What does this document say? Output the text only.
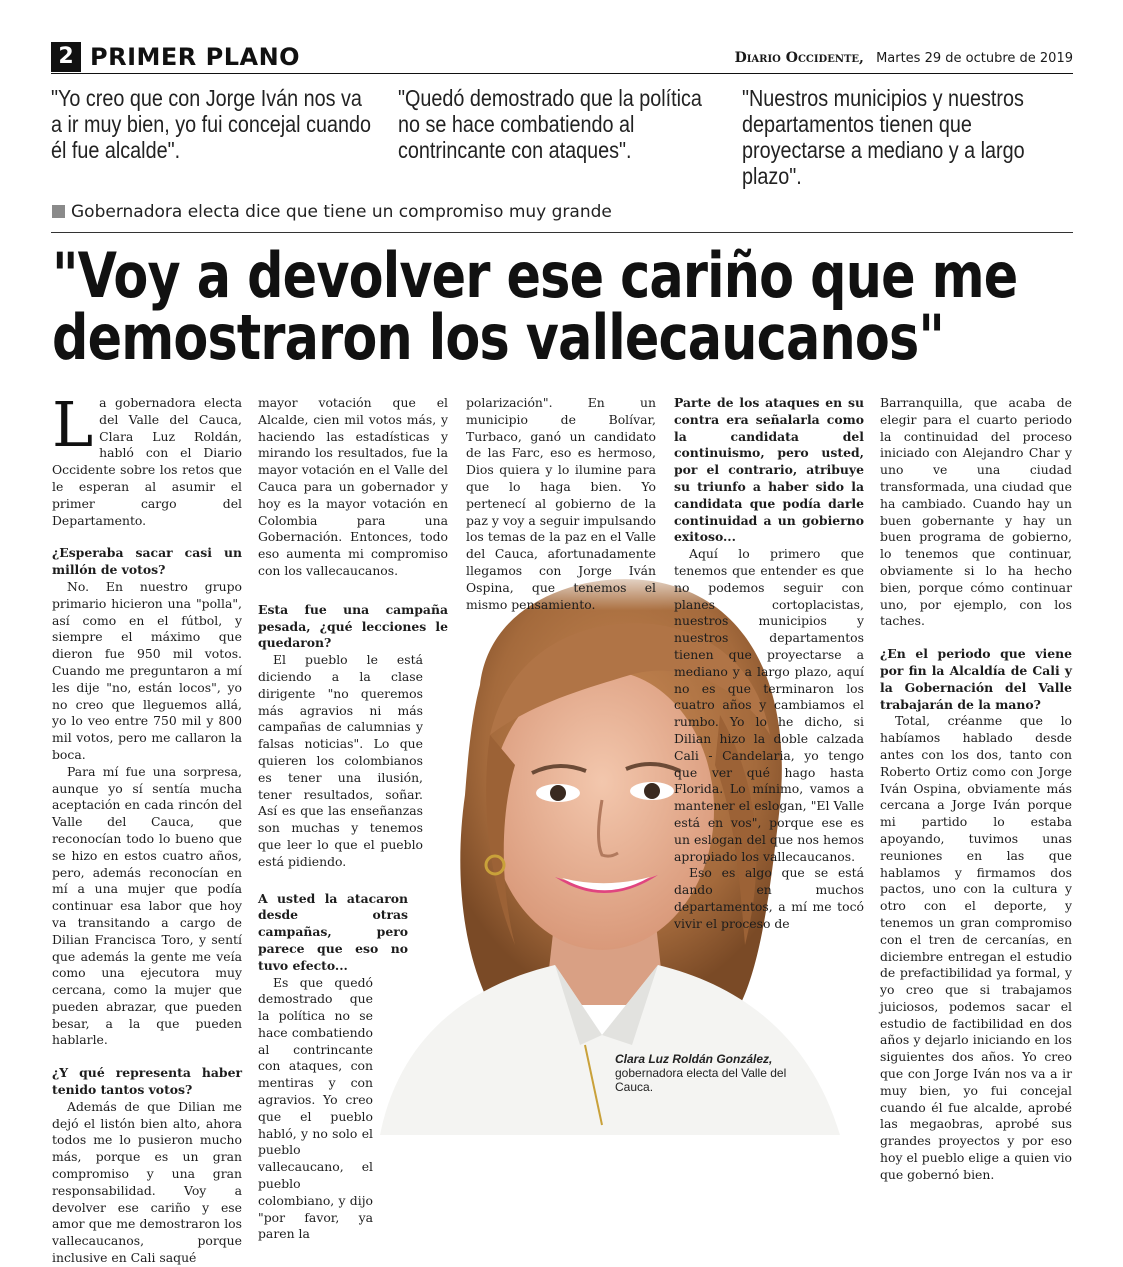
2 PRIMER PLANO	Diario Occidente, Martes 29 de octubre de 2019
"Yo creo que con Jorge Iván nos va a ir muy bien, yo fui concejal cuando él fue alcalde".
"Quedó demostrado que la política no se hace combatiendo al contrincante con ataques".
"Nuestros municipios y nuestros departamentos tienen que proyectarse a mediano y a largo plazo".
Gobernadora electa dice que tiene un compromiso muy grande
"Voy a devolver ese cariño que me
demostraron los vallecaucanos"

La gobernadora electa del Valle del Cauca, Clara Luz Roldán, habló con el Diario Occidente sobre los retos que le esperan al asumir el primer cargo del Departamento.

¿Esperaba sacar casi un millón de votos?

No. En nuestro grupo primario hicieron una "polla", así como en el fútbol, y siempre el máximo que dieron fue 950 mil votos. Cuando me preguntaron a mí les dije "no, están locos", yo no creo que lleguemos allá, yo lo veo entre 750 mil y 800 mil votos, pero me callaron la boca.

Para mí fue una sorpresa, aunque yo sí sentía mucha aceptación en cada rincón del Valle del Cauca, que reconocían todo lo bueno que se hizo en estos cuatro años, pero, además reconocían en mí a una mujer que podía continuar esa labor que hoy va transitando a cargo de Dilian Francisca Toro, y sentí que además la gente me veía como una ejecutora muy cercana, como la mujer que pueden abrazar, que pueden besar, a la que pueden hablarle.

¿Y qué representa haber tenido tantos votos?

Además de que Dilian me dejó el listón bien alto, ahora todos me lo pusieron mucho más, porque es un gran compromiso y una gran responsabilidad. Voy a devolver ese cariño y ese amor que me demostraron los vallecaucanos, porque inclusive en Cali saqué

mayor votación que el Alcalde, cien mil votos más, y haciendo las estadísticas y mirando los resultados, fue la mayor votación en el Valle del Cauca para un gobernador y hoy es la mayor votación en Colombia para una Gobernación. Entonces, todo eso aumenta mi compromiso con los vallecaucanos.

Esta fue una campaña pesada, ¿qué lecciones le quedaron?

El pueblo le está diciendo a la clase dirigente "no queremos más agravios ni más campañas de calumnias y falsas noticias". Lo que quieren los colombianos es tener una ilusión, tener resultados, soñar. Así es que las enseñanzas son muchas y tenemos que leer lo que el pueblo está pidiendo.

A usted la atacaron desde otras campañas, pero parece que eso no tuvo efecto...

Es que quedó demostrado que la política no se hace combatiendo al contrincante con ataques, con mentiras y con agravios. Yo creo que el pueblo habló, y no solo el pueblo vallecaucano, el pueblo colombiano, y dijo "por favor, ya paren la

polarización". En un municipio de Bolívar, Turbaco, ganó un candidato de las Farc, eso es hermoso, Dios quiera y lo ilumine para que lo haga bien. Yo pertenecí al gobierno de la paz y voy a seguir impulsando los temas de la paz en el Valle del Cauca, afortunadamente llegamos con Jorge Iván Ospina, que tenemos el mismo pensamiento.

Parte de los ataques en su contra era señalarla como la candidata del continuismo, pero usted, por el contrario, atribuye su triunfo a haber sido la candidata que podía darle continuidad a un gobierno exitoso...

Aquí lo primero que tenemos que entender es que no podemos seguir con planes cortoplacistas, nuestros municipios y nuestros departamentos tienen que proyectarse a mediano y a largo plazo, aquí no es que terminaron los cuatro años y cambiamos el rumbo. Yo lo he dicho, si Dilian hizo la doble calzada Cali - Candelaria, yo tengo que ver qué hago hasta Florida. Lo mínimo, vamos a mantener el eslogan, "El Valle está en vos", porque ese es un eslogan del que nos hemos apropiado los vallecaucanos.

Eso es algo que se está dando en muchos departamentos, a mí me tocó vivir el proceso de

Barranquilla, que acaba de elegir para el cuarto periodo la continuidad del proceso iniciado con Alejandro Char y uno ve una ciudad transformada, una ciudad que ha cambiado. Cuando hay un buen gobernante y hay un buen programa de gobierno, lo tenemos que continuar, obviamente si lo ha hecho bien, porque cómo continuar uno, por ejemplo, con los taches.

¿En el periodo que viene por fin la Alcaldía de Cali y la Gobernación del Valle trabajarán de la mano?

Total, créanme que lo habíamos hablado desde antes con los dos, tanto con Roberto Ortiz como con Jorge Iván Ospina, obviamente más cercana a Jorge Iván porque mi partido lo estaba apoyando, tuvimos unas reuniones en las que hablamos y firmamos dos pactos, uno con la cultura y otro con el deporte, y tenemos un gran compromiso con el tren de cercanías, en diciembre entregan el estudio de prefactibilidad ya formal, y yo creo que si trabajamos juiciosos, podemos sacar el estudio de factibilidad en dos años y dejarlo iniciando en los siguientes dos años. Yo creo que con Jorge Iván nos va a ir muy bien, yo fui concejal cuando él fue alcalde, aprobé las megaobras, aprobé sus grandes proyectos y por eso hoy el pueblo elige a quien vio que gobernó bien.

Clara Luz Roldán González,
gobernadora electa del Valle del Cauca.
